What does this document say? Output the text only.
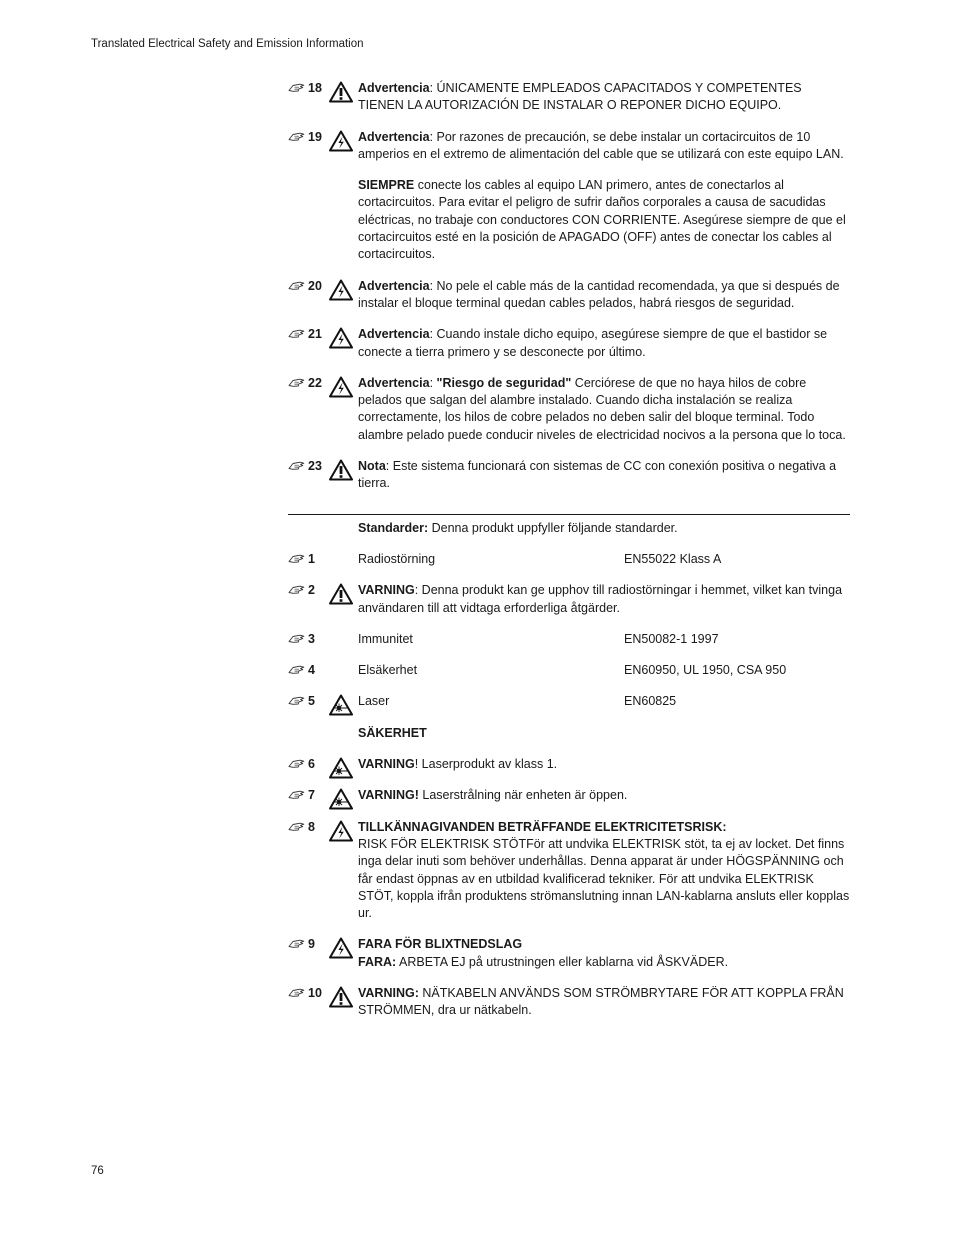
Translated Electrical Safety and Emission Information
18	Advertencia: ÚNICAMENTE EMPLEADOS CAPACITADOS Y COMPETENTES TIENEN LA AUTORIZACIÓN DE INSTALAR O REPONER DICHO EQUIPO.
19	Advertencia: Por razones de precaución, se debe instalar un cortacircuitos de 10 amperios en el extremo de alimentación del cable que se utilizará con este equipo LAN.
SIEMPRE conecte los cables al equipo LAN primero, antes de conectarlos al cortacircuitos. Para evitar el peligro de sufrir daños corporales a causa de sacudidas eléctricas, no trabaje con conductores CON CORRIENTE. Asegúrese siempre de que el cortacircuitos esté en la posición de APAGADO (OFF) antes de conectar los cables al cortacircuitos.
20	Advertencia: No pele el cable más de la cantidad recomendada, ya que si después de instalar el bloque terminal quedan cables pelados, habrá riesgos de seguridad.
21	Advertencia: Cuando instale dicho equipo, asegúrese siempre de que el bastidor se conecte a tierra primero y se desconecte por último.
22	Advertencia: "Riesgo de seguridad" Cerciórese de que no haya hilos de cobre pelados que salgan del alambre instalado. Cuando dicha instalación se realiza correctamente, los hilos de cobre pelados no deben salir del bloque terminal. Todo alambre pelado puede conducir niveles de electricidad nocivos a la persona que lo toca.
23	Nota: Este sistema funcionará con sistemas de CC con conexión positiva o negativa a tierra.
Standarder: Denna produkt uppfyller följande standarder.
1	Radiostörning	EN55022 Klass A
2	VARNING: Denna produkt kan ge upphov till radiostörningar i hemmet, vilket kan tvinga användaren till att vidtaga erforderliga åtgärder.
3	Immunitet	EN50082-1 1997
4	Elsäkerhet	EN60950, UL 1950, CSA 950
5	Laser	EN60825
SÄKERHET
6	VARNING! Laserprodukt av klass 1.
7	VARNING! Laserstrålning när enheten är öppen.
8	TILLKÄNNAGIVANDEN BETRÄFFANDE ELEKTRICITETSRISK:
RISK FÖR ELEKTRISK STÖTFör att undvika ELEKTRISK stöt, ta ej av locket. Det finns inga delar inuti som behöver underhållas. Denna apparat är under HÖGSPÄNNING och får endast öppnas av en utbildad kvalificerad tekniker. För att undvika ELEKTRISK STÖT, koppla ifrån produktens strömanslutning innan LAN-kablarna ansluts eller kopplas ur.
9	FARA FÖR BLIXTNEDSLAG
FARA: ARBETA EJ på utrustningen eller kablarna vid ÅSKVÄDER.
10	VARNING: NÄTKABELN ANVÄNDS SOM STRÖMBRYTARE FÖR ATT KOPPLA FRÅN STRÖMMEN, dra ur nätkabeln.
76
